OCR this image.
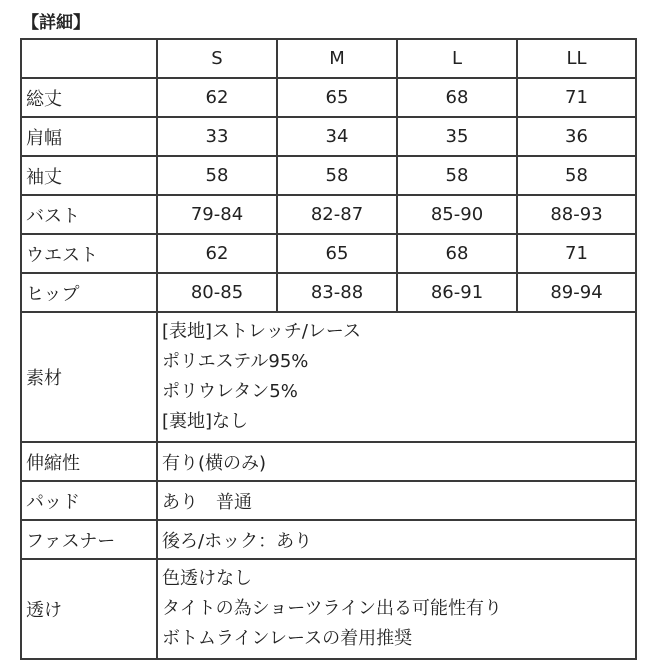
【詳細】
	S	M	L	LL
総丈	62	65	68	71
肩幅	33	34	35	36
袖丈	58	58	58	58
バスト	79-84	82-87	85-90	88-93
ウエスト	62	65	68	71
ヒップ	80-85	83-88	86-91	89-94
素材	[表地]ストレッチ/レース
ポリエステル95%
ポリウレタン5%
[裏地]なし			

伸縮性	有り(横のみ)			
パッド	あり　普通			
ファスナー	後ろ/ホック：あり			
透け	色透けなし
タイトの為ショーツライン出る可能性有り
ボトムラインレースの着用推奨			
